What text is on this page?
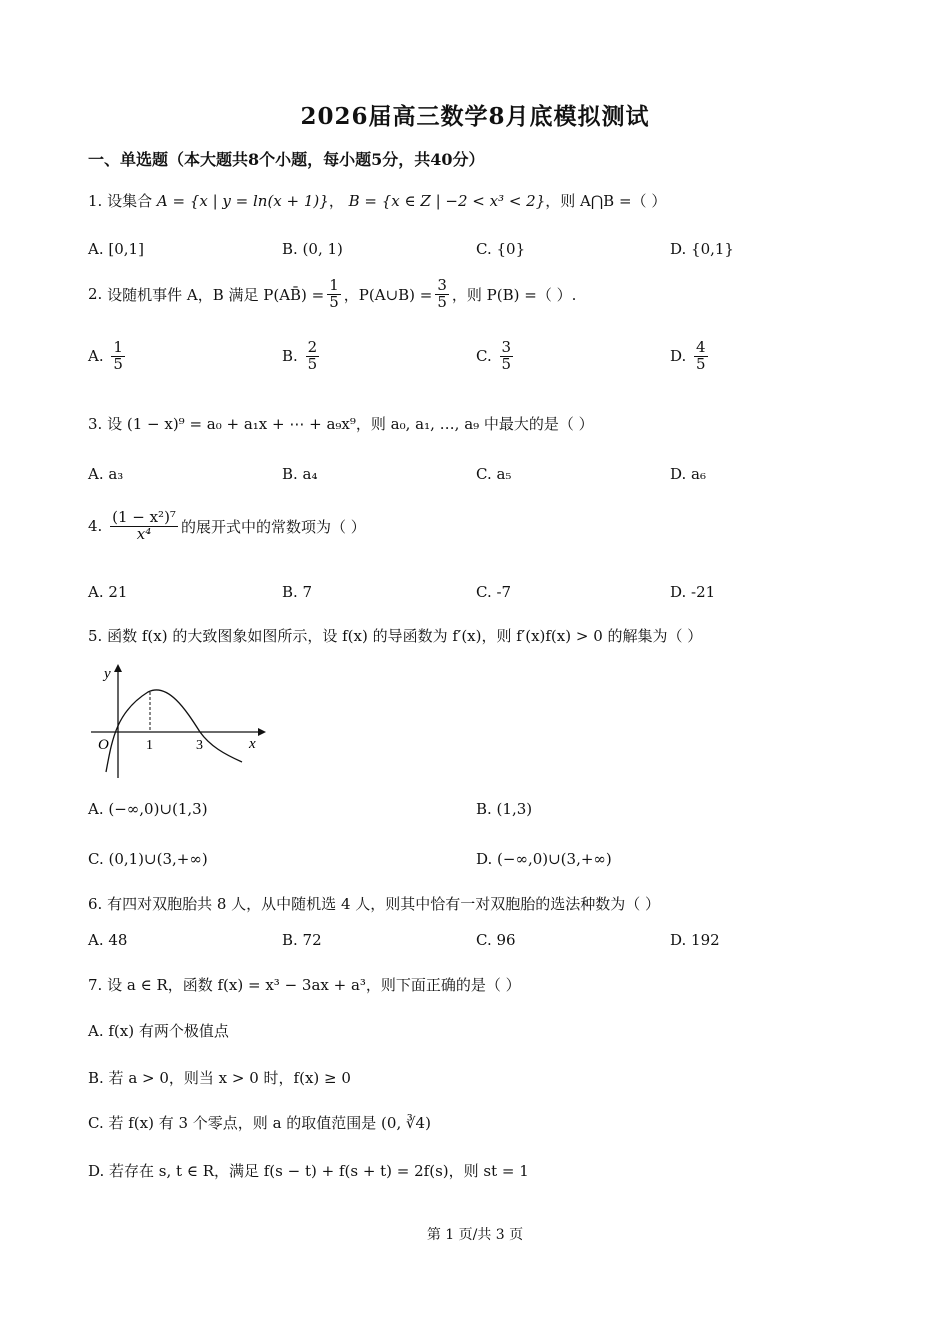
2026届高三数学8月底模拟测试
一、单选题（本大题共8个小题，每小题5分，共40分）
1.
设集合
A = {x | y = ln(x + 1)} ，
B = {x ∈ Z | −2 < x³ < 2} ，则 A⋂B =（ ）
A. [0,1]	B. (0, 1)	C. {0}	D. {0,1}
2.
设随机事件 A，B 满足 P(AB̄) = $\frac{1}{5}$ ，P(A∪B) = $\frac{3}{5}$ ，则 P(B) =（ ）.
A.
$\frac{1}{5}$	B.
$\frac{2}{5}$	C.
$\frac{3}{5}$	D.
$\frac{4}{5}$
3.
设 (1 − x)⁹ = a₀ + a₁x + ⋯ + a₉x⁹，则 a₀, a₁, …, a₉ 中最大的是（ ）
A. a₃	B. a₄	C. a₅	D. a₆
4.
$\frac{\text{(1 − x²)⁷}}{\text{x⁴}}$ 的展开式中的常数项为（ ）
A. 21	B. 7	C. -7	D. -21
5.
函数 f(x) 的大致图象如图所示，设 f(x) 的导函数为 f′(x)，则 f′(x)f(x) > 0 的解集为（ ）
y
x
O	1	3
A. (−∞,0)∪(1,3)	B. (1,3)
C. (0,1)∪(3,+∞)	D. (−∞,0)∪(3,+∞)
6.
有四对双胞胎共 8 人，从中随机选 4 人，则其中恰有一对双胞胎的选法种数为（ ）
A. 48	B. 72	C. 96	D. 192
7.
设 a ∈ R，函数 f(x) = x³ − 3ax + a³，则下面正确的是（ ）
A. f(x) 有两个极值点
B. 若 a > 0，则当 x > 0 时，f(x) ≥ 0
C. 若 f(x) 有 3 个零点，则 a 的取值范围是 (0, ∛4)
D. 若存在 s, t ∈ R，满足 f(s − t) + f(s + t) = 2f(s)，则 st = 1
第 1 页/共 3 页
